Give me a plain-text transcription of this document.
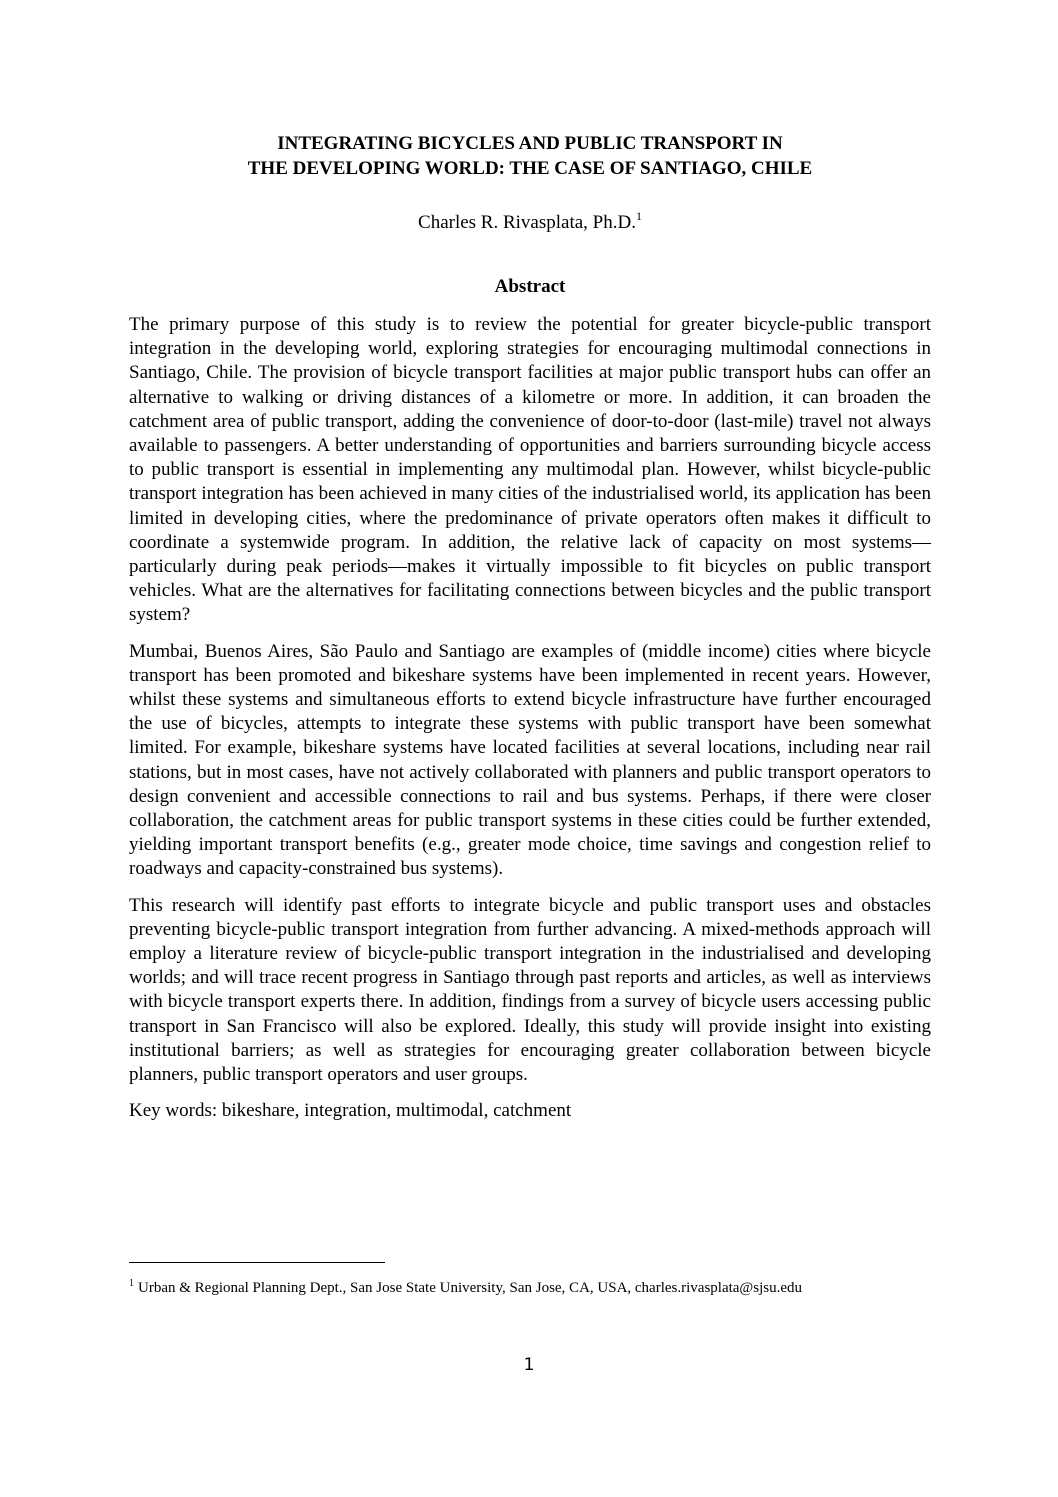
INTEGRATING BICYCLES AND PUBLIC TRANSPORT IN
THE DEVELOPING WORLD: THE CASE OF SANTIAGO, CHILE
Charles R. Rivasplata, Ph.D.$^1$
Abstract

The primary purpose of this study is to review the potential for greater bicycle-public transport integration in the developing world, exploring strategies for encouraging multimodal connections in Santiago, Chile. The provision of bicycle transport facilities at major public transport hubs can offer an alternative to walking or driving distances of a kilometre or more. In addition, it can broaden the catchment area of public transport, adding the convenience of door-to-door (last-mile) travel not always available to passengers. A better understanding of opportunities and barriers surrounding bicycle access to public transport is essential in implementing any multimodal plan. However, whilst bicycle-public transport integration has been achieved in many cities of the industrialised world, its application has been limited in developing cities, where the predominance of private operators often makes it difficult to coordinate a systemwide program. In addition, the relative lack of capacity on most systems—particularly during peak periods—makes it virtually impossible to fit bicycles on public transport vehicles. What are the alternatives for facilitating connections between bicycles and the public transport system?

Mumbai, Buenos Aires, São Paulo and Santiago are examples of (middle income) cities where bicycle transport has been promoted and bikeshare systems have been implemented in recent years. However, whilst these systems and simultaneous efforts to extend bicycle infrastructure have further encouraged the use of bicycles, attempts to integrate these systems with public transport have been somewhat limited. For example, bikeshare systems have located facilities at several locations, including near rail stations, but in most cases, have not actively collaborated with planners and public transport operators to design convenient and accessible connections to rail and bus systems. Perhaps, if there were closer collaboration, the catchment areas for public transport systems in these cities could be further extended, yielding important transport benefits (e.g., greater mode choice, time savings and congestion relief to roadways and capacity-constrained bus systems).

This research will identify past efforts to integrate bicycle and public transport uses and obstacles preventing bicycle-public transport integration from further advancing. A mixed-methods approach will employ a literature review of bicycle-public transport integration in the industrialised and developing worlds; and will trace recent progress in Santiago through past reports and articles, as well as interviews with bicycle transport experts there. In addition, findings from a survey of bicycle users accessing public transport in San Francisco will also be explored. Ideally, this study will provide insight into existing institutional barriers; as well as strategies for encouraging greater collaboration between bicycle planners, public transport operators and user groups.

Key words: bikeshare, integration, multimodal, catchment
$^1$ Urban & Regional Planning Dept., San Jose State University, San Jose, CA, USA, charles.rivasplata@sjsu.edu
1
